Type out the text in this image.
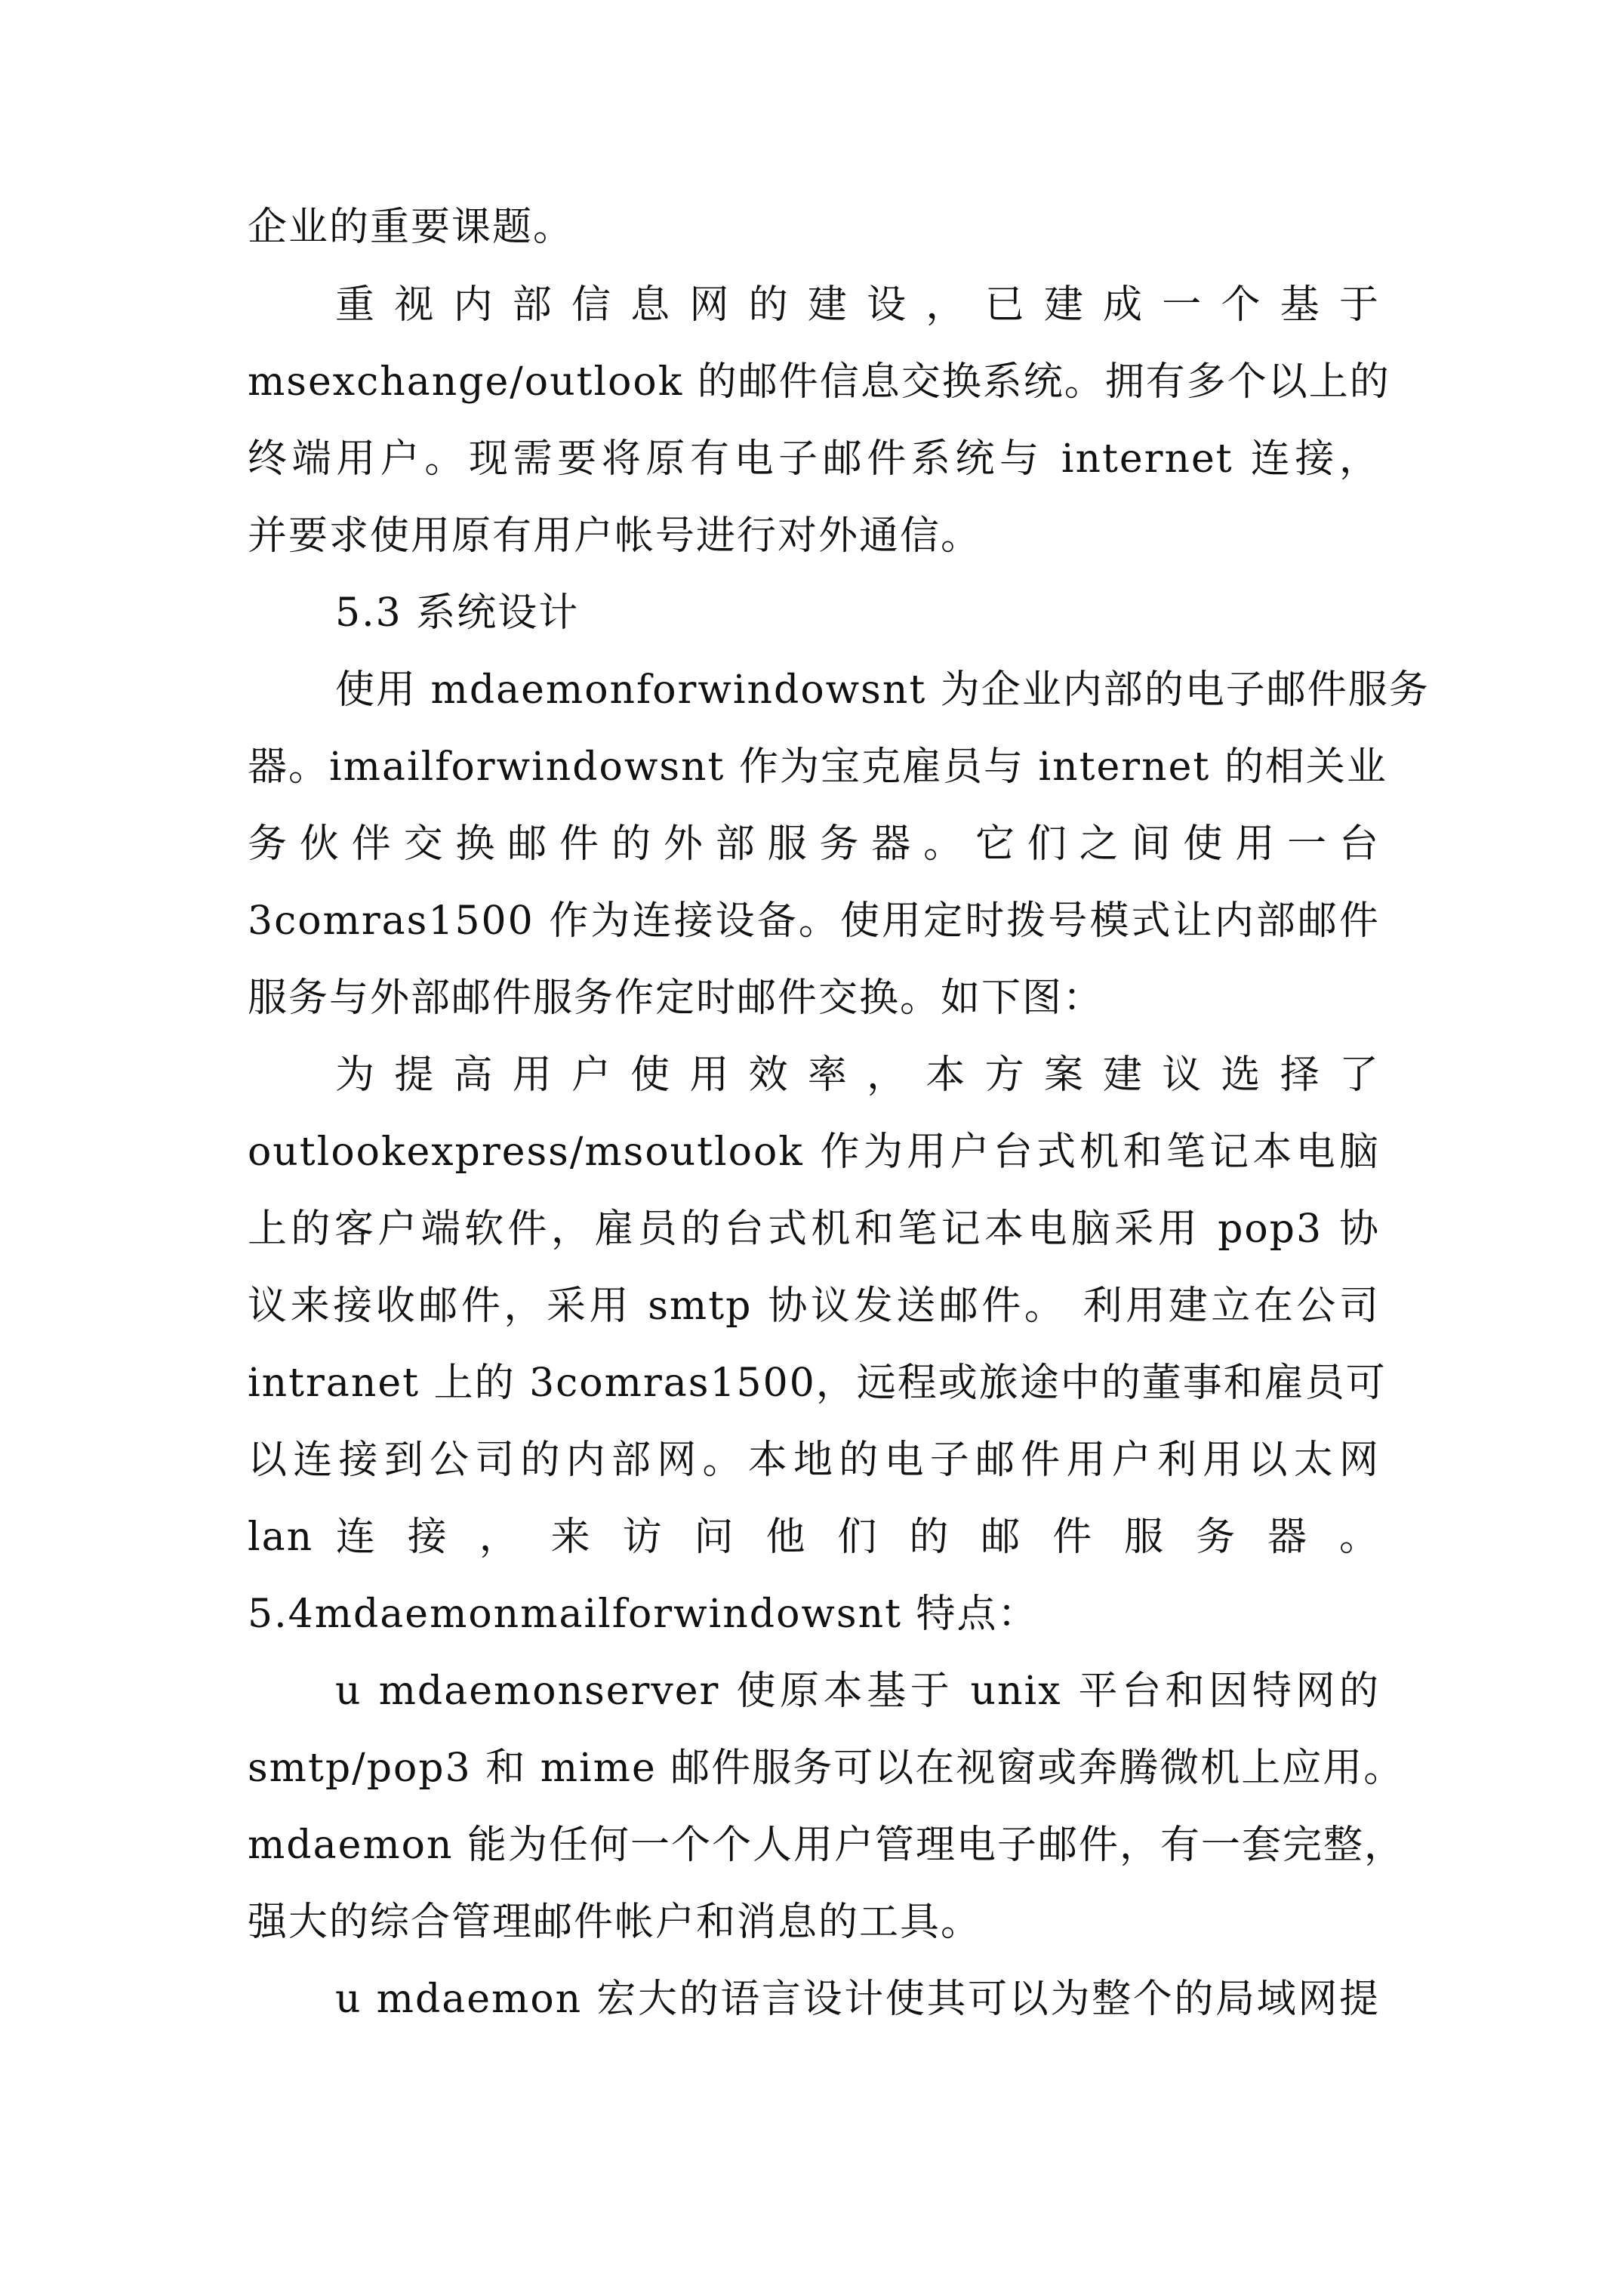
企业的重要课题。
重视内部信息网的建设，已建成一个基于
msexchange/outlook 的邮件信息交换系统。拥有多个以上的
终端用户。现需要将原有电子邮件系统与 internet 连接，
并要求使用原有用户帐号进行对外通信。
5.3 系统设计
使用 mdaemonforwindowsnt 为企业内部的电子邮件服务
器。imailforwindowsnt 作为宝克雇员与 internet 的相关业
务伙伴交换邮件的外部服务器。它们之间使用一台
3comras1500 作为连接设备。使用定时拨号模式让内部邮件
服务与外部邮件服务作定时邮件交换。如下图：
为提高用户使用效率，本方案建议选择了
outlookexpress/msoutlook 作为用户台式机和笔记本电脑
上的客户端软件，雇员的台式机和笔记本电脑采用 pop3 协
议来接收邮件，采用 smtp 协议发送邮件。 利用建立在公司
intranet 上的 3comras1500，远程或旅途中的董事和雇员可
以连接到公司的内部网。本地的电子邮件用户利用以太网
lan 连 接 ， 来 访 问 他 们 的 邮 件 服 务 器 。
5.4mdaemonmailforwindowsnt 特点：
u mdaemonserver 使原本基于 unix 平台和因特网的
smtp/pop3 和 mime 邮件服务可以在视窗或奔腾微机上应用。
mdaemon 能为任何一个个人用户管理电子邮件，有一套完整，
强大的综合管理邮件帐户和消息的工具。
u mdaemon 宏大的语言设计使其可以为整个的局域网提
